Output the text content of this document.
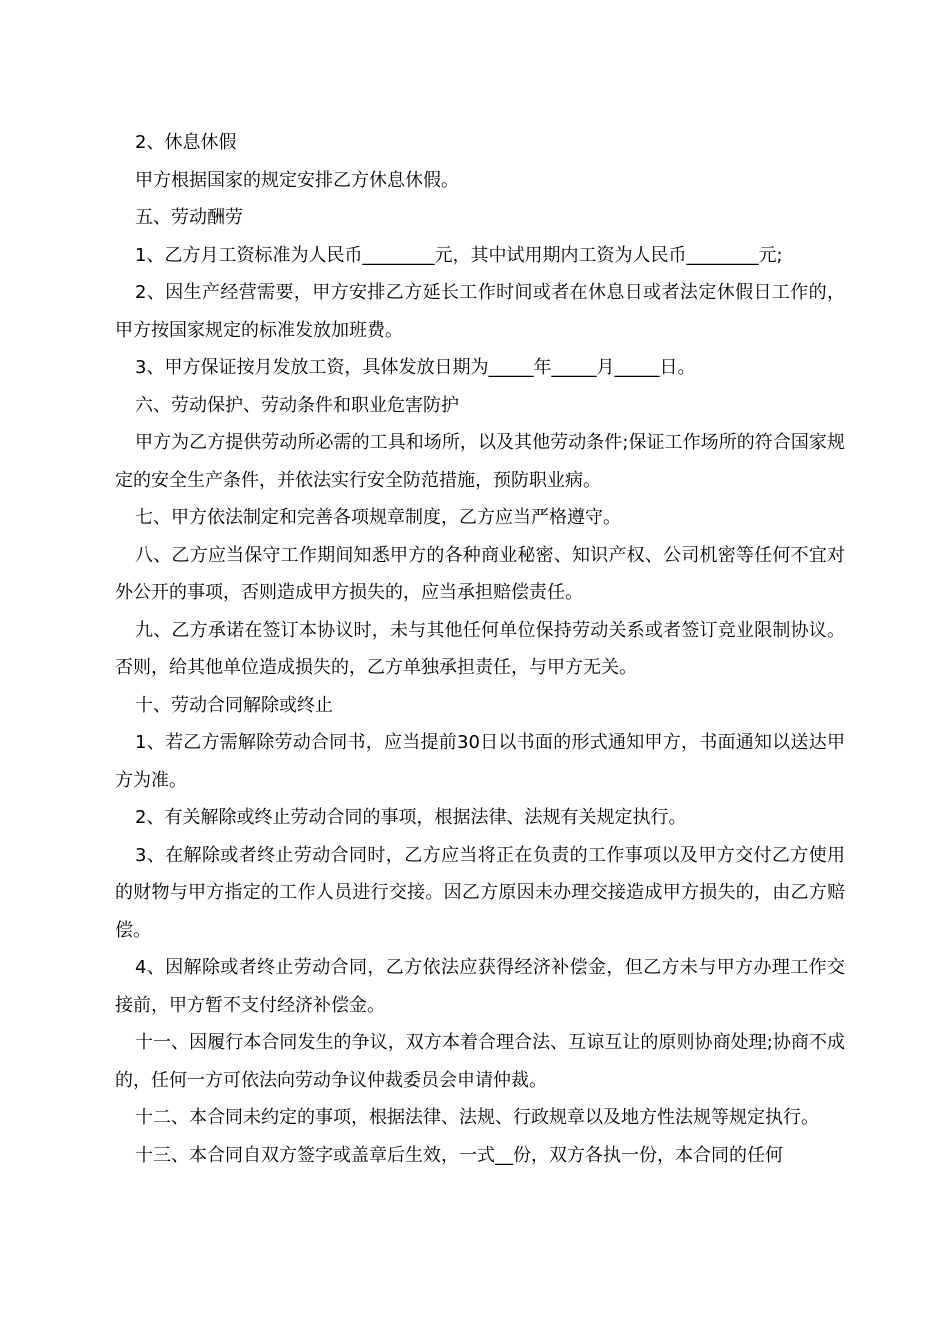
2、休息休假

甲方根据国家的规定安排乙方休息休假。

五、劳动酬劳

1、乙方月工资标准为人民币________元，其中试用期内工资为人民币________元;

2、因生产经营需要，甲方安排乙方延长工作时间或者在休息日或者法定休假日工作的，甲方按国家规定的标准发放加班费。

3、甲方保证按月发放工资，具体发放日期为_____年_____月_____日。

六、劳动保护、劳动条件和职业危害防护

甲方为乙方提供劳动所必需的工具和场所，以及其他劳动条件;保证工作场所的符合国家规定的安全生产条件，并依法实行安全防范措施，预防职业病。

七、甲方依法制定和完善各项规章制度，乙方应当严格遵守。

八、乙方应当保守工作期间知悉甲方的各种商业秘密、知识产权、公司机密等任何不宜对外公开的事项，否则造成甲方损失的，应当承担赔偿责任。

九、乙方承诺在签订本协议时，未与其他任何单位保持劳动关系或者签订竞业限制协议。否则，给其他单位造成损失的，乙方单独承担责任，与甲方无关。

十、劳动合同解除或终止

1、若乙方需解除劳动合同书，应当提前30日以书面的形式通知甲方，书面通知以送达甲方为准。

2、有关解除或终止劳动合同的事项，根据法律、法规有关规定执行。

3、在解除或者终止劳动合同时，乙方应当将正在负责的工作事项以及甲方交付乙方使用的财物与甲方指定的工作人员进行交接。因乙方原因未办理交接造成甲方损失的，由乙方赔偿。

4、因解除或者终止劳动合同，乙方依法应获得经济补偿金，但乙方未与甲方办理工作交接前，甲方暂不支付经济补偿金。

十一、因履行本合同发生的争议，双方本着合理合法、互谅互让的原则协商处理;协商不成的，任何一方可依法向劳动争议仲裁委员会申请仲裁。

十二、本合同未约定的事项，根据法律、法规、行政规章以及地方性法规等规定执行。

十三、本合同自双方签字或盖章后生效，一式__份，双方各执一份，本合同的任何
